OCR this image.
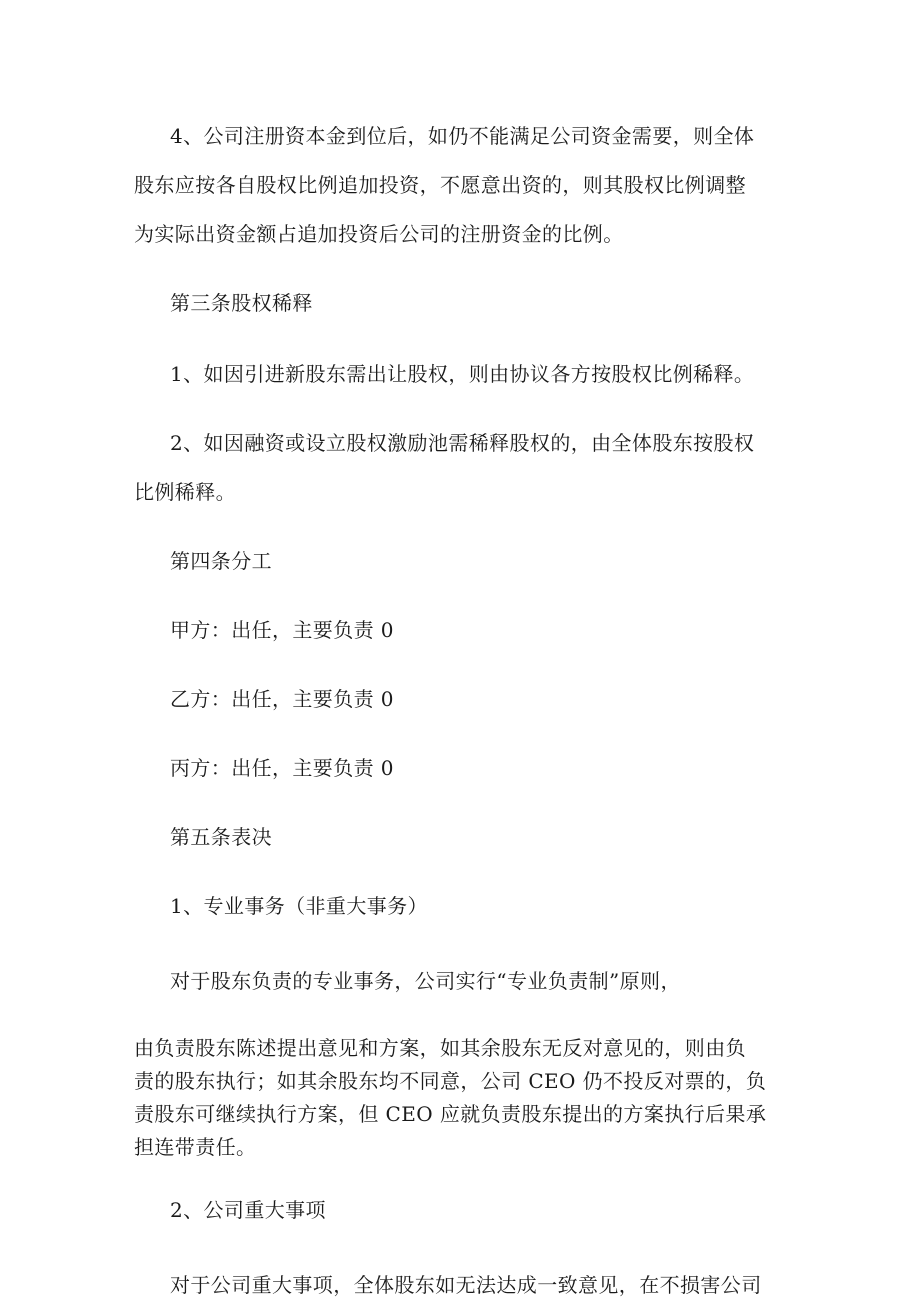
4、公司注册资本金到位后，如仍不能满足公司资金需要，则全体
股东应按各自股权比例追加投资，不愿意出资的，则其股权比例调整
为实际出资金额占追加投资后公司的注册资金的比例。

第三条股权稀释

1、如因引进新股东需出让股权，则由协议各方按股权比例稀释。

2、如因融资或设立股权激励池需稀释股权的，由全体股东按股权
比例稀释。

第四条分工

甲方：出任，主要负责 0

乙方：出任，主要负责 0

丙方：出任，主要负责 0

第五条表决

1、专业事务（非重大事务）

对于股东负责的专业事务，公司实行“专业负责制”原则，

由负责股东陈述提出意见和方案，如其余股东无反对意见的，则由负
责的股东执行；如其余股东均不同意，公司 CEO 仍不投反对票的，负
责股东可继续执行方案，但 CEO 应就负责股东提出的方案执行后果承
担连带责任。

2、公司重大事项

对于公司重大事项，全体股东如无法达成一致意见，在不损害公司
